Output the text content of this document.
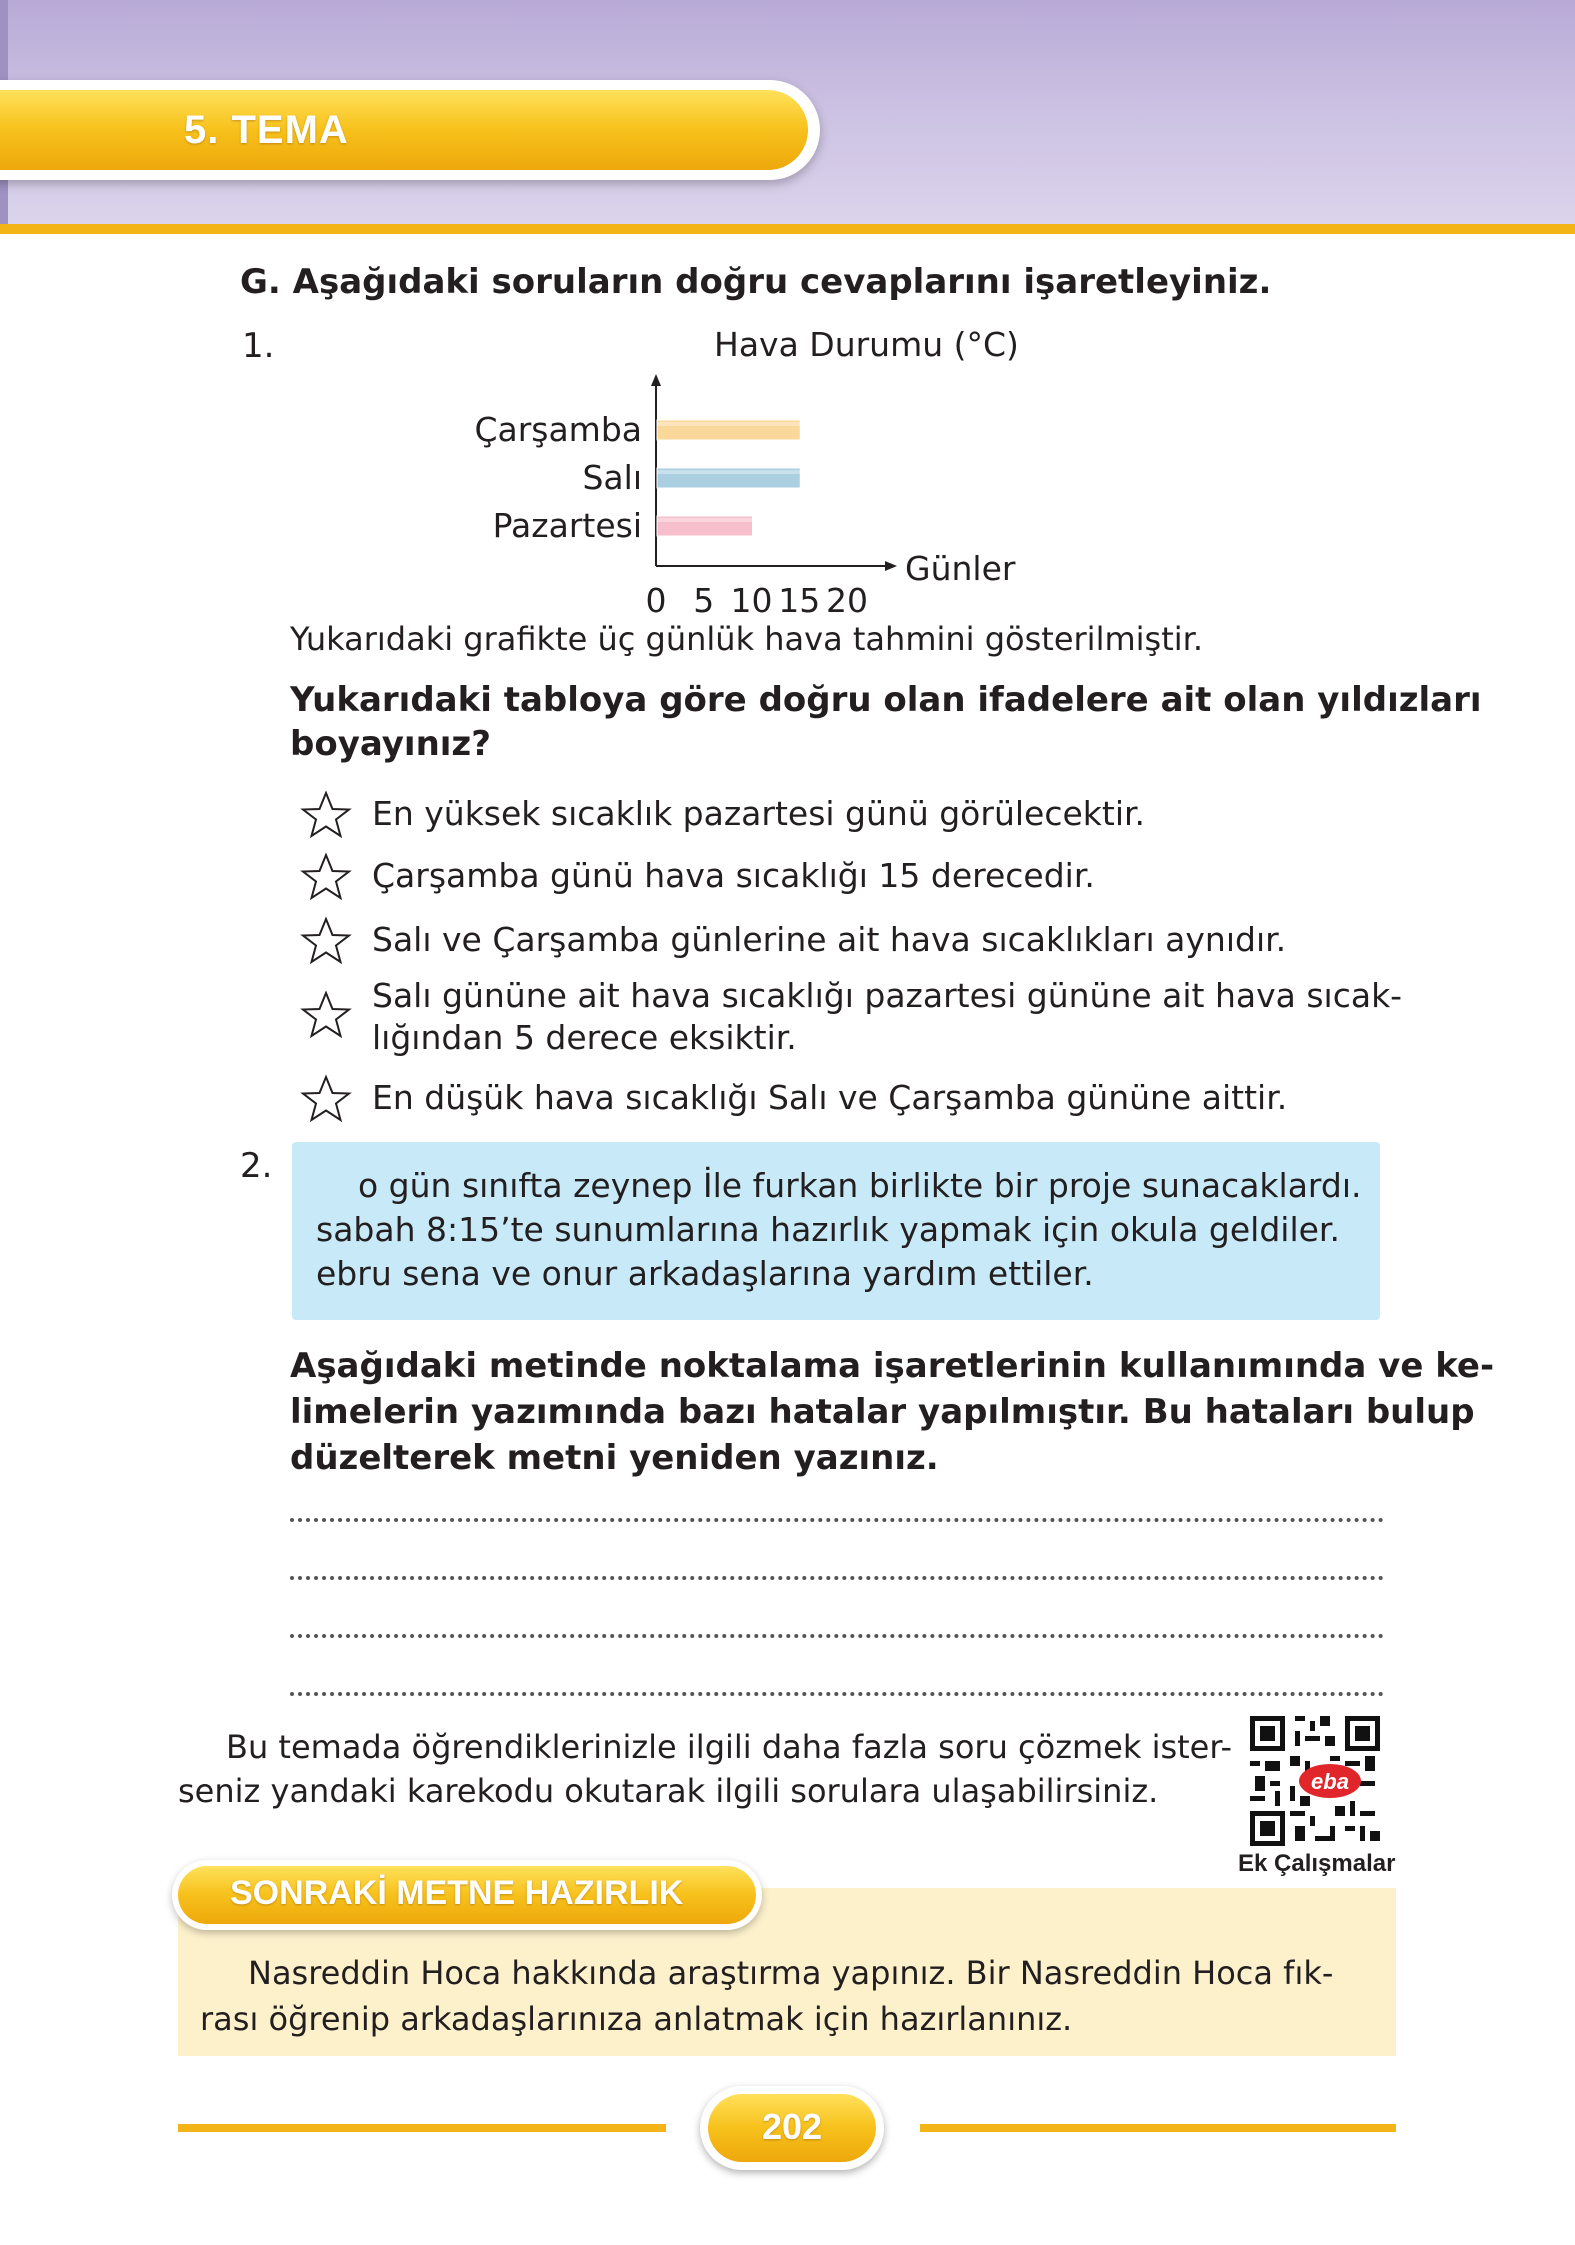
5. TEMA
G. Aşağıdaki soruların doğru cevaplarını işaretleyiniz.
1.	Hava Durumu (°C)
Günler
0 5 10 15 20
Çarşamba
Salı
Pazartesi
Yukarıdaki grafikte üç günlük hava tahmini gösterilmiştir.
Yukarıdaki tabloya göre doğru olan ifadelere ait olan yıldızları
boyayınız?
En yüksek sıcaklık pazartesi günü görülecektir.
Çarşamba günü hava sıcaklığı 15 derecedir.
Salı ve Çarşamba günlerine ait hava sıcaklıkları aynıdır.
Salı gününe ait hava sıcaklığı pazartesi gününe ait hava sıcak-
lığından 5 derece eksiktir.
En düşük hava sıcaklığı Salı ve Çarşamba gününe aittir.
2.	o gün sınıfta zeynep İle furkan birlikte bir proje sunacaklardı.
sabah 8:15’te sunumlarına hazırlık yapmak için okula geldiler.
ebru sena ve onur arkadaşlarına yardım ettiler.
Aşağıdaki metinde noktalama işaretlerinin kullanımında ve ke-
limelerin yazımında bazı hatalar yapılmıştır. Bu hataları bulup
düzelterek metni yeniden yazınız.
Bu temada öğrendiklerinizle ilgili daha fazla soru çözmek ister-
seniz yandaki karekodu okutarak ilgili sorulara ulaşabilirsiniz.	eba
Ek Çalışmalar
SONRAKİ METNE HAZIRLIK
Nasreddin Hoca hakkında araştırma yapınız. Bir Nasreddin Hoca fık-
rası öğrenip arkadaşlarınıza anlatmak için hazırlanınız.
202
